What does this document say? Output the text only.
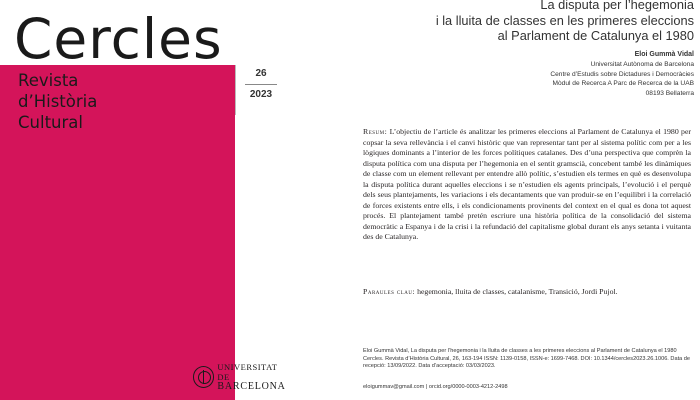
Cercles
Revista
d’Història
Cultural
26
2023
UNIVERSITAT DE
BARCELONA
La disputa per l’hegemonia
i la lluita de classes en les primeres eleccions
al Parlament de Catalunya el 1980
Eloi Gummà Vidal
Universitat Autònoma de Barcelona
Centre d’Estudis sobre Dictadures i Democràcies
Mòdul de Recerca A Parc de Recerca de la UAB
08193 Bellaterra

Resum: L’objectiu de l’article és analitzar les primeres eleccions al Parlament de Catalunya el 1980 per copsar la seva rellevància i el canvi històric que van representar tant per al sistema polític com per a les lògiques dominants a l’interior de les forces polítiques catalanes. Des d’una perspectiva que comprèn la disputa política com una disputa per l’hegemonia en el sentit gramscià, concebent també les dinàmiques de classe com un element rellevant per entendre allò polític, s’estudien els termes en què es desenvolupa la disputa política durant aquelles eleccions i se n’estudien els agents principals, l’evolució i el perquè dels seus plantejaments, les variacions i els decantaments que van produir-se en l’equilibri i la correlació de forces existents entre ells, i els condicionaments provinents del context en el qual es dona tot aquest procés. El plantejament també pretén escriure una història política de la consolidació del sistema democràtic a Espanya i de la crisi i la refundació del capitalisme global durant els anys setanta i vuitanta des de Catalunya.

Paraules clau: hegemonia, lluita de classes, catalanisme, Transició, Jordi Pujol.

Eloi Gummà Vidal, La disputa per l’hegemonia i la lluita de classes a les primeres eleccions al Parlament de Catalunya el 1980 Cercles. Revista d’Història Cultural, 26, 163-194 ISSN: 1139-0158, ISSN-e: 1699-7468. DOI: 10.1344/cercles2023.26.1006. Data de recepció: 13/09/2022. Data d’acceptació: 03/03/2023.

eloigummav@gmail.com | orcid.org/0000-0003-4212-2498
